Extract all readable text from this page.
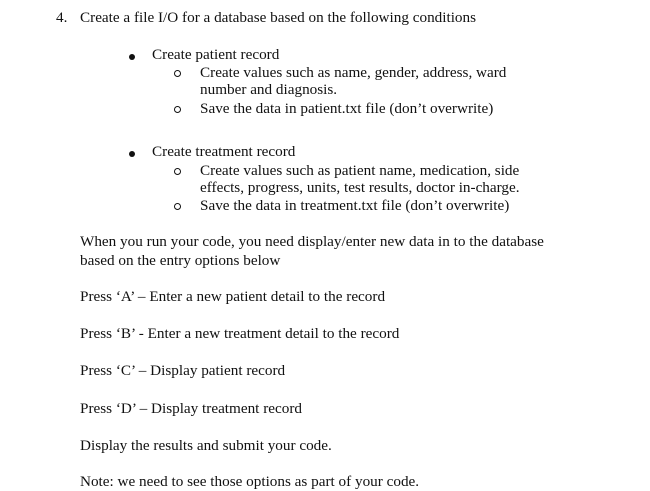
4. Create a file I/O for a database based on the following conditions
Create patient record
Create values such as name, gender, address, ward
number and diagnosis.
Save the data in patient.txt file (don’t overwrite)
Create treatment record
Create values such as patient name, medication, side
effects, progress, units, test results, doctor in-charge.
Save the data in treatment.txt file (don’t overwrite)
When you run your code, you need display/enter new data in to the database
based on the entry options below
Press ‘A’ – Enter a new patient detail to the record
Press ‘B’ - Enter a new treatment detail to the record
Press ‘C’ – Display patient record
Press ‘D’ – Display treatment record
Display the results and submit your code.
Note: we need to see those options as part of your code.
